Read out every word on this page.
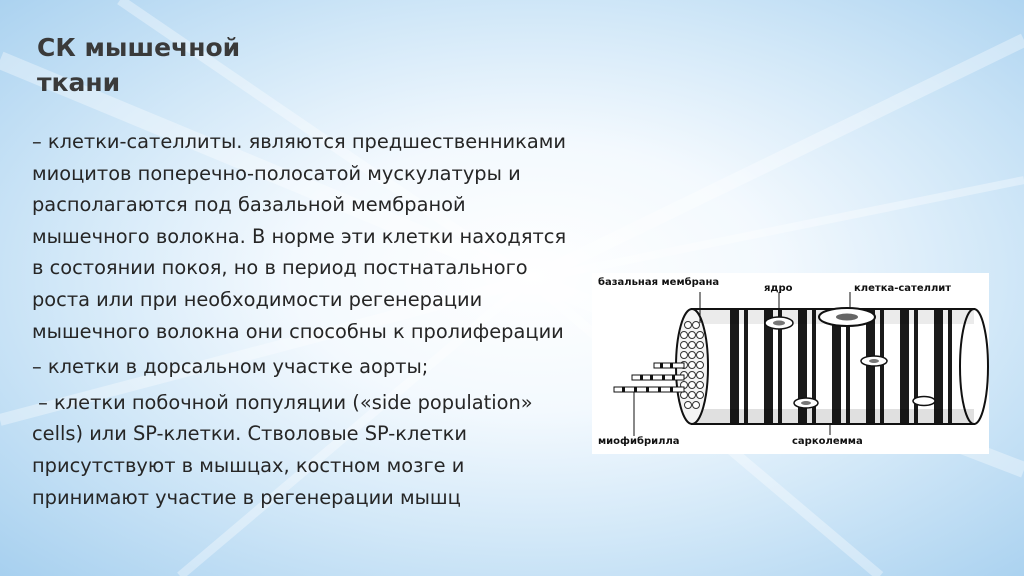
СК мышечной
ткани

– клетки-сателлиты. являются предшественниками миоцитов поперечно-полосатой мускулатуры и располагаются под базальной мембраной мышечного волокна. В норме эти клетки находятся в состоянии покоя, но в период постнатального роста или при необходимости регенерации мышечного волокна они способны к пролиферации

– клетки в дорсальном участке аорты;

– клетки побочной популяции («side population» cells) или SP-клетки. Стволовые SP-клетки присутствуют в мышцах, костном мозге и принимают участие в регенерации мышц

базальная мембрана
ядро	клетка-сателлит
миофибрилла	сарколемма
